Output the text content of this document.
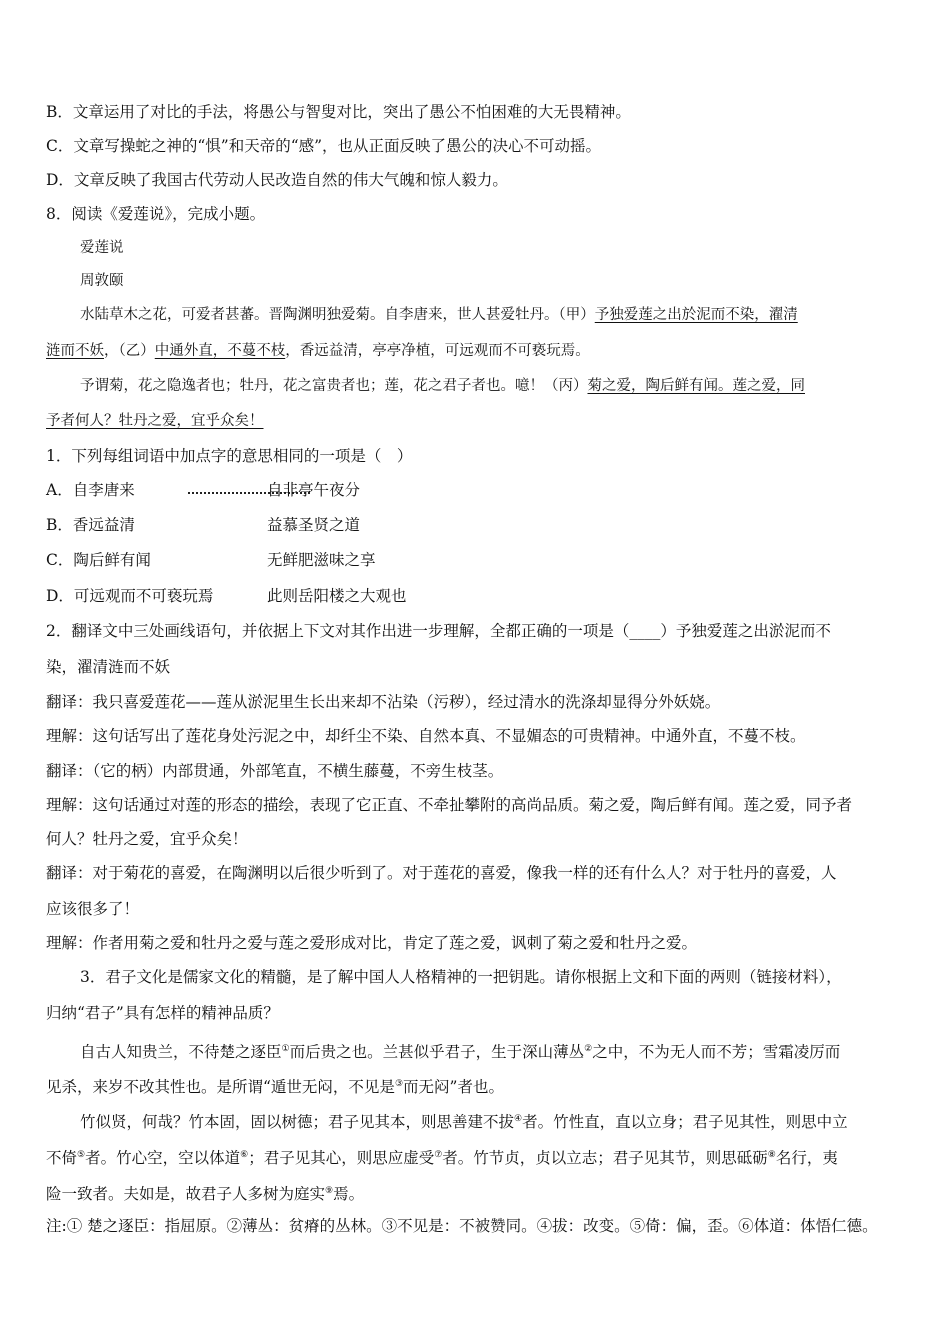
B．文章运用了对比的手法，将愚公与智叟对比，突出了愚公不怕困难的大无畏精神。
C．文章写操蛇之神的“惧”和天帝的“感”，也从正面反映了愚公的决心不可动摇。
D．文章反映了我国古代劳动人民改造自然的伟大气魄和惊人毅力。
8．阅读《爱莲说》，完成小题。
爱莲说
周敦颐
水陆草木之花，可爱者甚蕃。晋陶渊明独爱菊。自李唐来，世人甚爱牡丹。（甲）予独爱莲之出於泥而不染，濯清
涟而不妖，（乙）中通外直，不蔓不枝，香远益清，亭亭净植，可远观而不可亵玩焉。
予谓菊，花之隐逸者也；牡丹，花之富贵者也；莲，花之君子者也。噫！（丙）菊之爱，陶后鲜有闻。莲之爱，同
予者何人？牡丹之爱，宜乎众矣！
1．下列每组词语中加点字的意思相同的一项是（　）
A．自李唐来	自非亭午夜分
B．香远益清	益慕圣贤之道
C．陶后鲜有闻	无鲜肥滋味之享
D．可远观而不可亵玩焉	此则岳阳楼之大观也
2．翻译文中三处画线语句，并依据上下文对其作出进一步理解，全都正确的一项是（____）予独爱莲之出淤泥而不
染，濯清涟而不妖
翻译：我只喜爱莲花——莲从淤泥里生长出来却不沾染（污秽），经过清水的洗涤却显得分外妖娆。
理解：这句话写出了莲花身处污泥之中，却纤尘不染、自然本真、不显媚态的可贵精神。中通外直，不蔓不枝。
翻译：（它的柄）内部贯通，外部笔直，不横生藤蔓，不旁生枝茎。
理解：这句话通过对莲的形态的描绘，表现了它正直、不牵扯攀附的高尚品质。菊之爱，陶后鲜有闻。莲之爱，同予者
何人？牡丹之爱，宜乎众矣！
翻译：对于菊花的喜爱，在陶渊明以后很少听到了。对于莲花的喜爱，像我一样的还有什么人？对于牡丹的喜爱，人
应该很多了！
理解：作者用菊之爱和牡丹之爱与莲之爱形成对比，肯定了莲之爱，讽刺了菊之爱和牡丹之爱。
3．君子文化是儒家文化的精髓，是了解中国人人格精神的一把钥匙。请你根据上文和下面的两则（链接材料），
归纳“君子”具有怎样的精神品质？
自古人知贵兰，不待楚之逐臣①而后贵之也。兰甚似乎君子，生于深山薄丛②之中，不为无人而不芳；雪霜凌厉而
见杀，来岁不改其性也。是所谓“遁世无闷，不见是③而无闷”者也。
竹似贤，何哉？竹本固，固以树德；君子见其本，则思善建不拔④者。竹性直，直以立身；君子见其性，则思中立
不倚⑤者。竹心空，空以体道⑥；君子见其心，则思应虚受⑦者。竹节贞，贞以立志；君子见其节，则思砥砺⑧名行，夷
险一致者。夫如是，故君子人多树为庭实⑨焉。
注:① 楚之逐臣：指屈原。②薄丛：贫瘠的丛林。③不见是：不被赞同。④拔：改变。⑤倚：偏，歪。⑥体道：体悟仁德。
